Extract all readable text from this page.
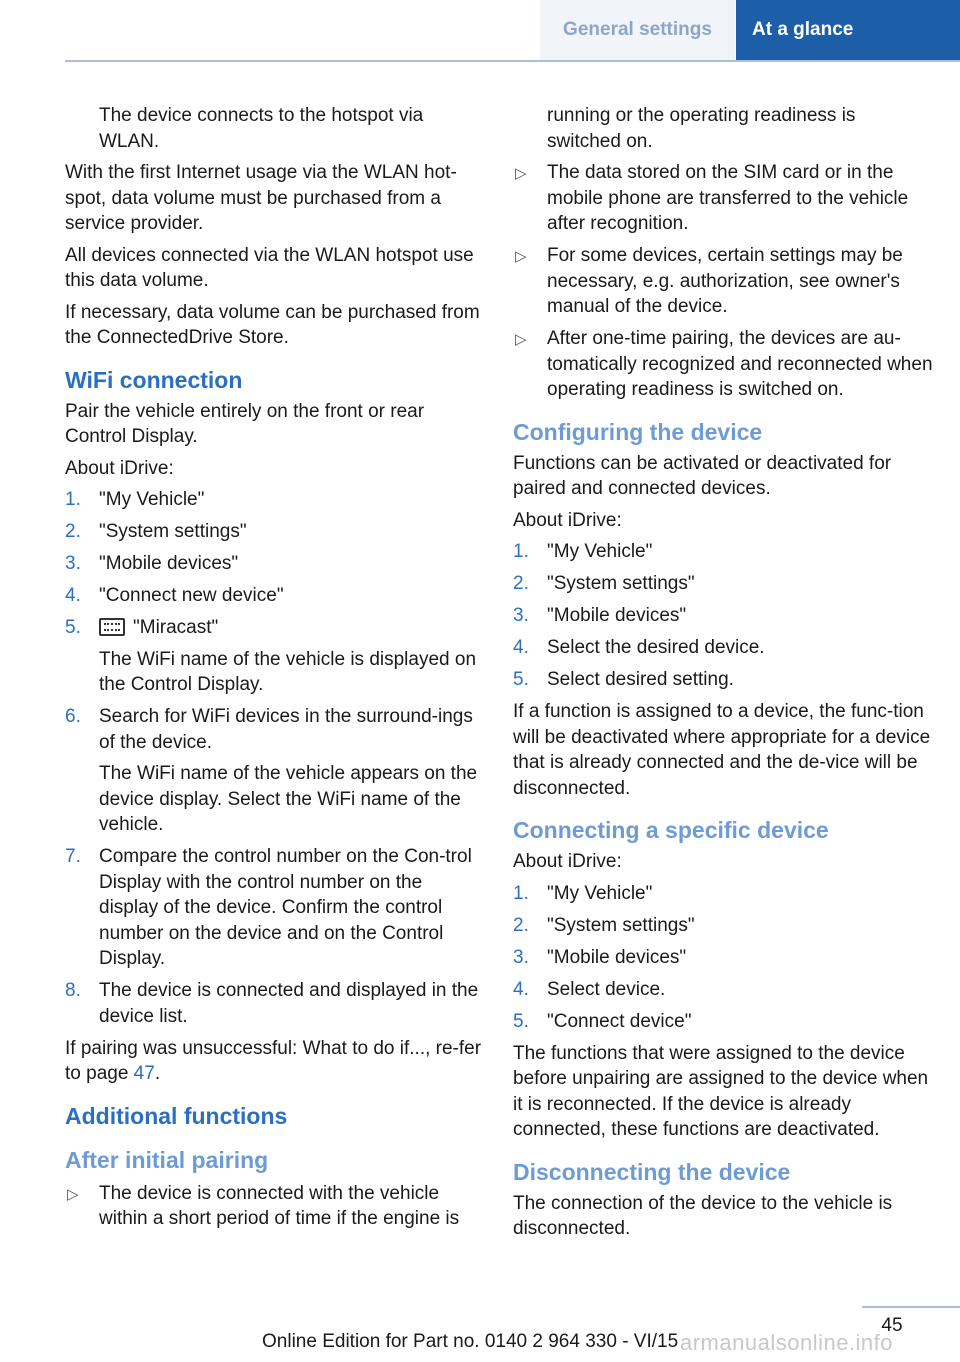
General settings	At a glance

The device connects to the hotspot via WLAN.

With the first Internet usage via the WLAN hot-spot, data volume must be purchased from a service provider.

All devices connected via the WLAN hotspot use this data volume.

If necessary, data volume can be purchased from the ConnectedDrive Store.

WiFi connection

Pair the vehicle entirely on the front or rear Control Display.

About iDrive:

1. "My Vehicle"
2. "System settings"
3. "Mobile devices"
4. "Connect new device"
5.	"Miracast"
The WiFi name of the vehicle is displayed on the Control Display.
6. Search for WiFi devices in the surround-ings of the device.
The WiFi name of the vehicle appears on the device display. Select the WiFi name of the vehicle.
7. Compare the control number on the Con-trol Display with the control number on the display of the device. Confirm the control number on the device and on the Control Display.
8. The device is connected and displayed in the device list.

If pairing was unsuccessful: What to do if..., re-fer to page 47.

Additional functions
After initial pairing
▷ The device is connected with the vehicle within a short period of time if the engine is

running or the operating readiness is switched on.

▷ The data stored on the SIM card or in the mobile phone are transferred to the vehicle after recognition.
▷ For some devices, certain settings may be necessary, e.g. authorization, see owner's manual of the device.
▷ After one-time pairing, the devices are au-tomatically recognized and reconnected when operating readiness is switched on.
Configuring the device

Functions can be activated or deactivated for paired and connected devices.

About iDrive:

1. "My Vehicle"
2. "System settings"
3. "Mobile devices"
4. Select the desired device.
5. Select desired setting.

If a function is assigned to a device, the func-tion will be deactivated where appropriate for a device that is already connected and the de-vice will be disconnected.

Connecting a specific device

About iDrive:

1. "My Vehicle"
2. "System settings"
3. "Mobile devices"
4. Select device.
5. "Connect device"

The functions that were assigned to the device before unpairing are assigned to the device when it is reconnected. If the device is already connected, these functions are deactivated.

Disconnecting the device

The connection of the device to the vehicle is disconnected.

45
Online Edition for Part no. 0140 2 964 330 - VI/15 armanualsonline.info
